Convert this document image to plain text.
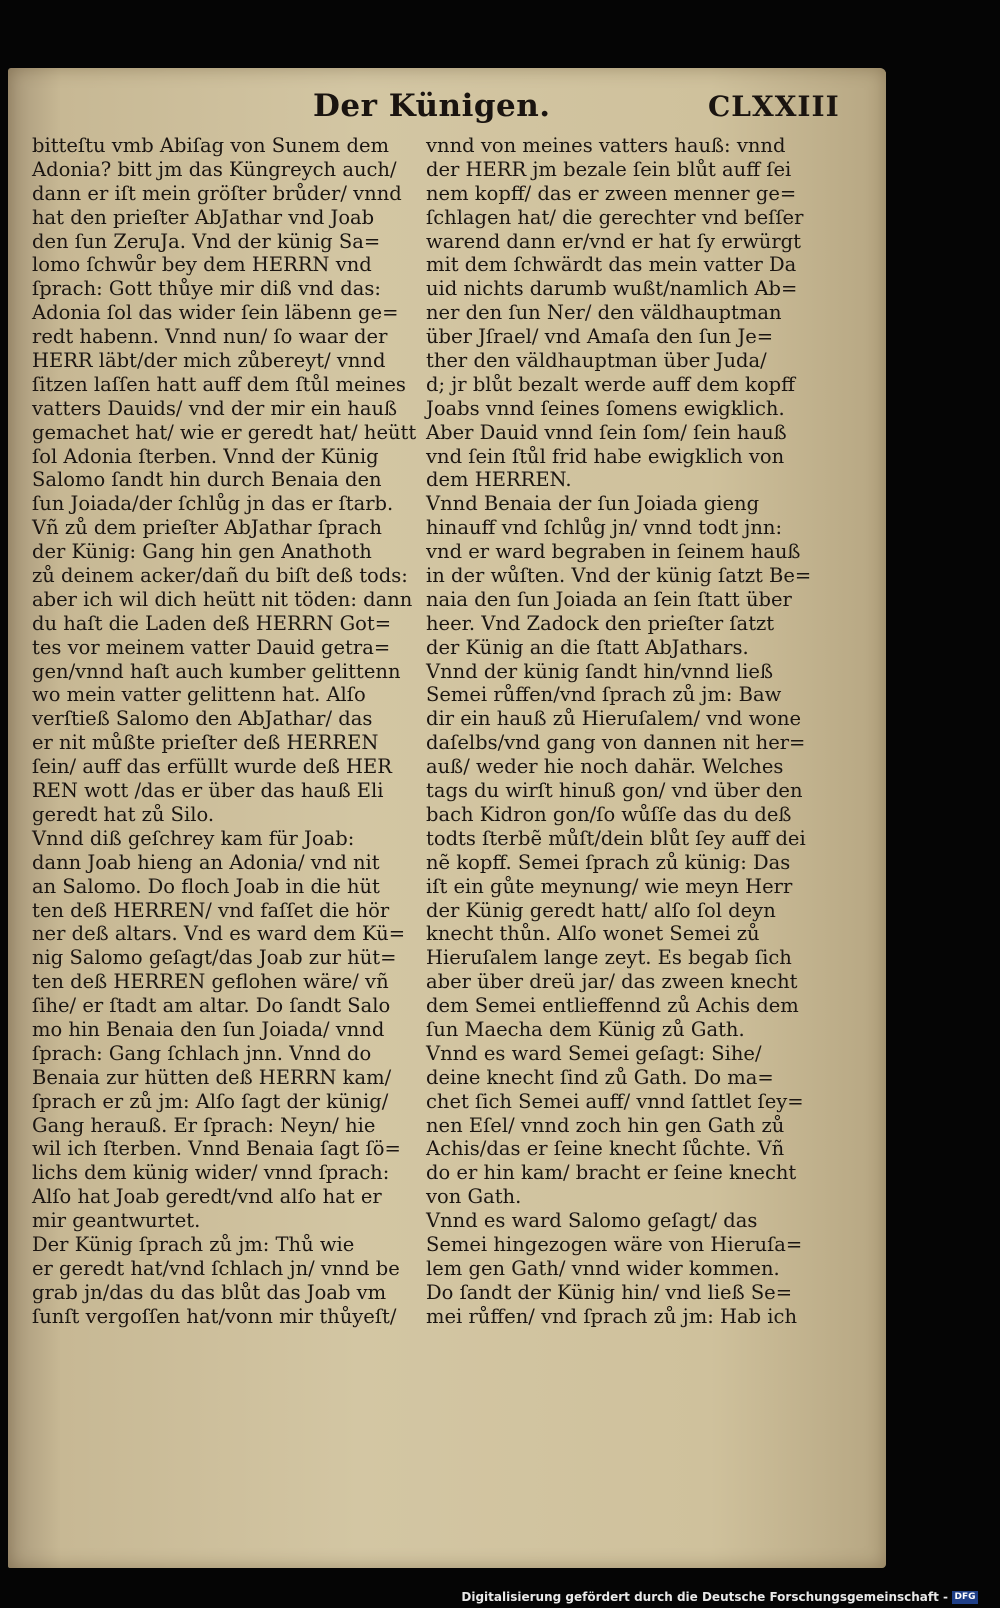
Der Künigen.	CLXXIII
bitteſtu vmb Abiſag von Sunem dem
Adonia? bitt jm das Küngreych auch/
dann er iſt mein gröſter brůder/ vnnd
hat den prieſter AbJathar vnd Joab
den ſun ZeruJa. Vnd der künig Sa=
lomo ſchwůr bey dem HERRN vnd
ſprach: Gott thůye mir diß vnd das:
Adonia ſol das wider ſein läbenn ge=
redt habenn. Vnnd nun/ ſo waar der
HERR läbt/der mich zůbereyt/ vnnd
ſitzen laſſen hatt auff dem ſtůl meines
vatters Dauids/ vnd der mir ein hauß
gemachet hat/ wie er geredt hat/ heütt
ſol Adonia ſterben. Vnnd der Künig
Salomo ſandt hin durch Benaia den
ſun Joiada/der ſchlůg jn das er ſtarb.
Vñ zů dem prieſter AbJathar ſprach
der Künig: Gang hin gen Anathoth
zů deinem acker/dañ du biſt deß tods:
aber ich wil dich heütt nit töden: dann
du haſt die Laden deß HERRN Got=
tes vor meinem vatter Dauid getra=
gen/vnnd haſt auch kumber gelittenn
wo mein vatter gelittenn hat. Alſo
verſtieß Salomo den AbJathar/ das
er nit můßte prieſter deß HERREN
ſein/ auff das erfüllt wurde deß HER
REN wott /das er über das hauß Eli
geredt hat zů Silo.
Vnnd diß geſchrey kam für Joab:
dann Joab hieng an Adonia/ vnd nit
an Salomo. Do floch Joab in die hüt
ten deß HERREN/ vnd faſſet die hör
ner deß altars. Vnd es ward dem Kü=
nig Salomo geſagt/das Joab zur hüt=
ten deß HERREN geflohen wäre/ vñ
ſihe/ er ſtadt am altar. Do ſandt Salo
mo hin Benaia den ſun Joiada/ vnnd
ſprach: Gang ſchlach jnn. Vnnd do
Benaia zur hütten deß HERRN kam/
ſprach er zů jm: Alſo ſagt der künig/
Gang herauß. Er ſprach: Neyn/ hie
wil ich ſterben. Vnnd Benaia ſagt ſö=
lichs dem künig wider/ vnnd ſprach:
Alſo hat Joab geredt/vnd alſo hat er
mir geantwurtet.
Der Künig ſprach zů jm: Thů wie
er geredt hat/vnd ſchlach jn/ vnnd be
grab jn/das du das blůt das Joab vm
ſunſt vergoſſen hat/vonn mir thůyeſt/
vnnd von meines vatters hauß: vnnd
der HERR jm bezale ſein blůt auff ſei
nem kopff/ das er zween menner ge=
ſchlagen hat/ die gerechter vnd beſſer
warend dann er/vnd er hat ſy erwürgt
mit dem ſchwärdt das mein vatter Da
uid nichts darumb wußt/namlich Ab=
ner den ſun Ner/ den väldhauptman
über Jſrael/ vnd Amaſa den ſun Je=
ther den väldhauptman über Juda/
d; jr blůt bezalt werde auff dem kopff
Joabs vnnd ſeines ſomens ewigklich.
Aber Dauid vnnd ſein ſom/ ſein hauß
vnd ſein ſtůl frid habe ewigklich von
dem HERREN.
Vnnd Benaia der ſun Joiada gieng
hinauff vnd ſchlůg jn/ vnnd todt jnn:
vnd er ward begraben in ſeinem hauß
in der wůſten. Vnd der künig ſatzt Be=
naia den ſun Joiada an ſein ſtatt über
heer. Vnd Zadock den prieſter ſatzt
der Künig an die ſtatt AbJathars.
Vnnd der künig ſandt hin/vnnd ließ
Semei růffen/vnd ſprach zů jm: Baw
dir ein hauß zů Hieruſalem/ vnd wone
daſelbs/vnd gang von dannen nit her=
auß/ weder hie noch dahär. Welches
tags du wirſt hinuß gon/ vnd über den
bach Kidron gon/ſo wůſſe das du deß
todts ſterbẽ můſt/dein blůt ſey auff dei
nẽ kopff. Semei ſprach zů künig: Das
iſt ein gůte meynung/ wie meyn Herr
der Künig geredt hatt/ alſo ſol deyn
knecht thůn. Alſo wonet Semei zů
Hieruſalem lange zeyt. Es begab ſich
aber über dreü jar/ das zween knecht
dem Semei entlieffennd zů Achis dem
ſun Maecha dem Künig zů Gath.
Vnnd es ward Semei geſagt: Sihe/
deine knecht ſind zů Gath. Do ma=
chet ſich Semei auff/ vnnd ſattlet ſey=
nen Eſel/ vnnd zoch hin gen Gath zů
Achis/das er ſeine knecht ſůchte. Vñ
do er hin kam/ bracht er ſeine knecht
von Gath.
Vnnd es ward Salomo geſagt/ das
Semei hingezogen wäre von Hieruſa=
lem gen Gath/ vnnd wider kommen.
Do ſandt der Künig hin/ vnd ließ Se=
mei růffen/ vnd ſprach zů jm: Hab ich
Digitalisierung gefördert durch die Deutsche Forschungsgemeinschaft - DFG
